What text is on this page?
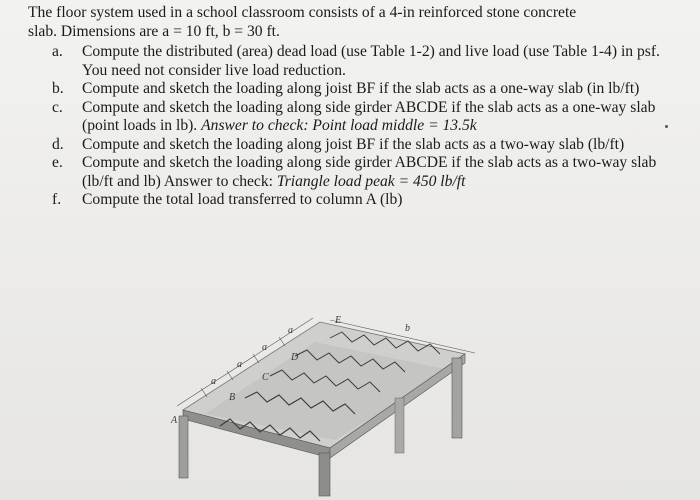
The floor system used in a school classroom consists of a 4-in reinforced stone concrete
slab. Dimensions are a = 10 ft, b = 30 ft.
a. Compute the distributed (area) dead load (use Table 1-2) and live load (use Table 1-4) in psf. You need not consider live load reduction.
b. Compute and sketch the loading along joist BF if the slab acts as a one-way slab (in lb/ft)
c. Compute and sketch the loading along side girder ABCDE if the slab acts as a one-way slab (point loads in lb). Answer to check: Point load middle = 13.5k
d. Compute and sketch the loading along joist BF if the slab acts as a two-way slab (lb/ft)
e. Compute and sketch the loading along side girder ABCDE if the slab acts as a two-way slab (lb/ft and lb) Answer to check: Triangle load peak = 450 lb/ft
f. Compute the total load transferred to column A (lb)
A
B
C
D
E
a
a
a
a	b
